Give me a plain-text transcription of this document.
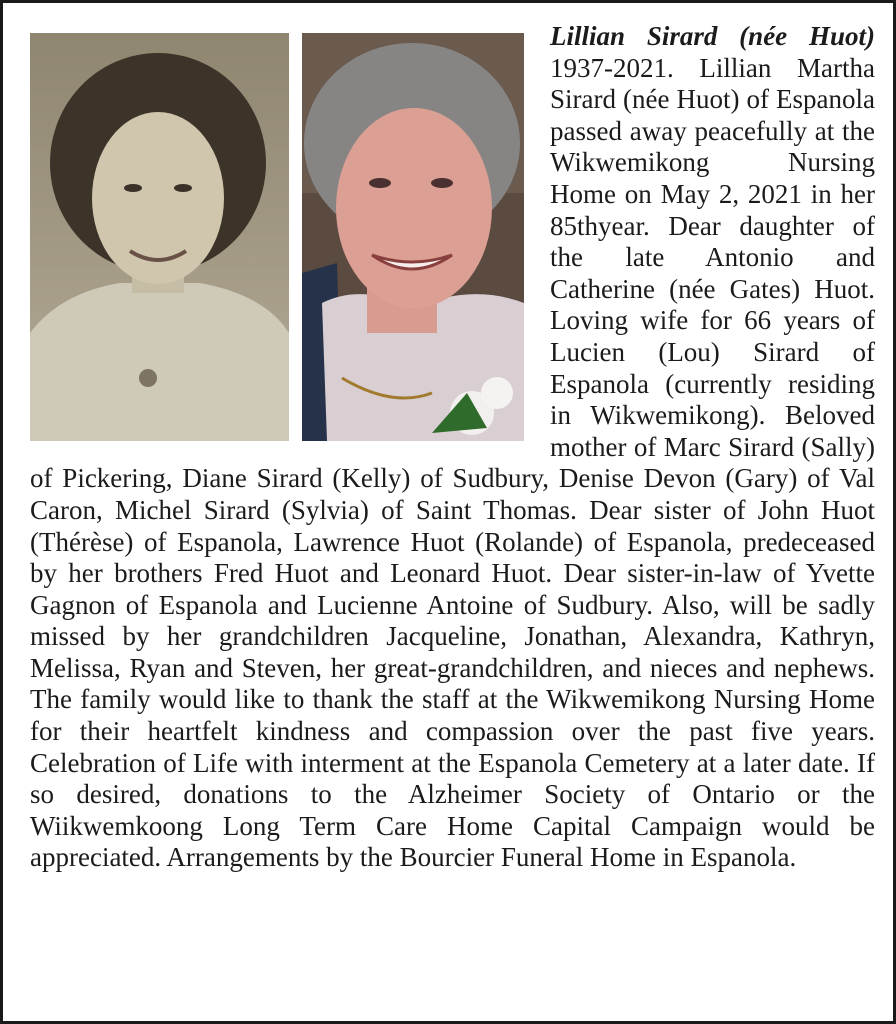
Lillian Sirard (née Huot) 1937-2021. Lillian Martha Sirard (née Huot) of Espanola passed away peacefully at the Wikwemikong Nursing Home on May 2, 2021 in her 85thyear. Dear daughter of the late Antonio and Catherine (née Gates) Huot. Loving wife for 66 years of Lucien (Lou) Sirard of Espanola (currently residing in Wikwemikong). Beloved mother of Marc Sirard (Sally) of Pickering, Diane Sirard (Kelly) of Sudbury, Denise Devon (Gary) of Val Caron, Michel Sirard (Sylvia) of Saint Thomas. Dear sister of John Huot (Thérèse) of Espanola, Lawrence Huot (Rolande) of Espanola, predeceased by her brothers Fred Huot and Leonard Huot. Dear sister-in-law of Yvette Gagnon of Espanola and Lucienne Antoine of Sudbury. Also, will be sadly missed by her grandchildren Jacqueline, Jonathan, Alexandra, Kathryn, Melissa, Ryan and Steven, her great-grandchildren, and nieces and nephews. The family would like to thank the staff at the Wikwemikong Nursing Home for their heartfelt kindness and compassion over the past five years. Celebration of Life with interment at the Espanola Cemetery at a later date. If so desired, donations to the Alzheimer Society of Ontario or the Wiikwemkoong Long Term Care Home Capital Campaign would be appreciated. Arrangements by the Bourcier Funeral Home in Espanola.
